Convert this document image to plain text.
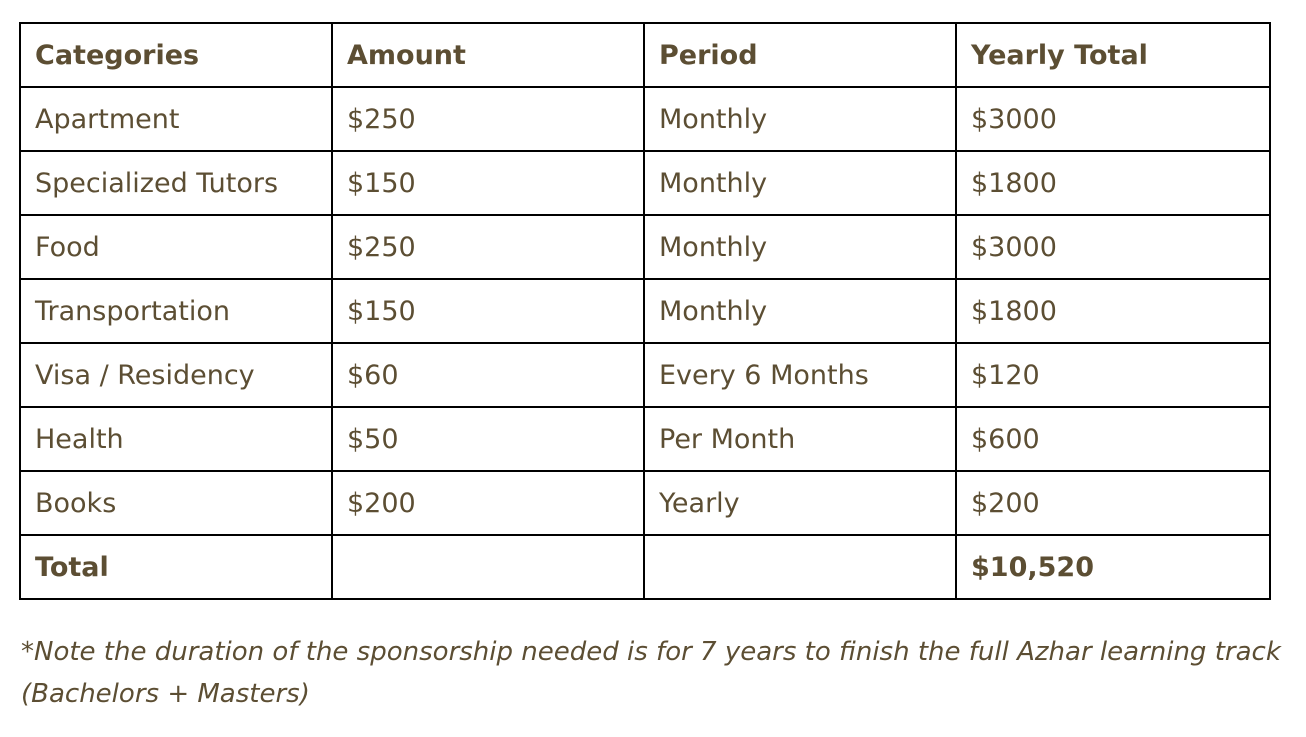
Categories	Amount	Period	Yearly Total
Apartment	$250	Monthly	$3000
Specialized Tutors	$150	Monthly	$1800
Food	$250	Monthly	$3000
Transportation	$150	Monthly	$1800
Visa / Residency	$60	Every 6 Months	$120
Health	$50	Per Month	$600
Books	$200	Yearly	$200
Total			$10,520
*Note the duration of the sponsorship needed is for 7 years to finish the full Azhar learning track
(Bachelors + Masters)
